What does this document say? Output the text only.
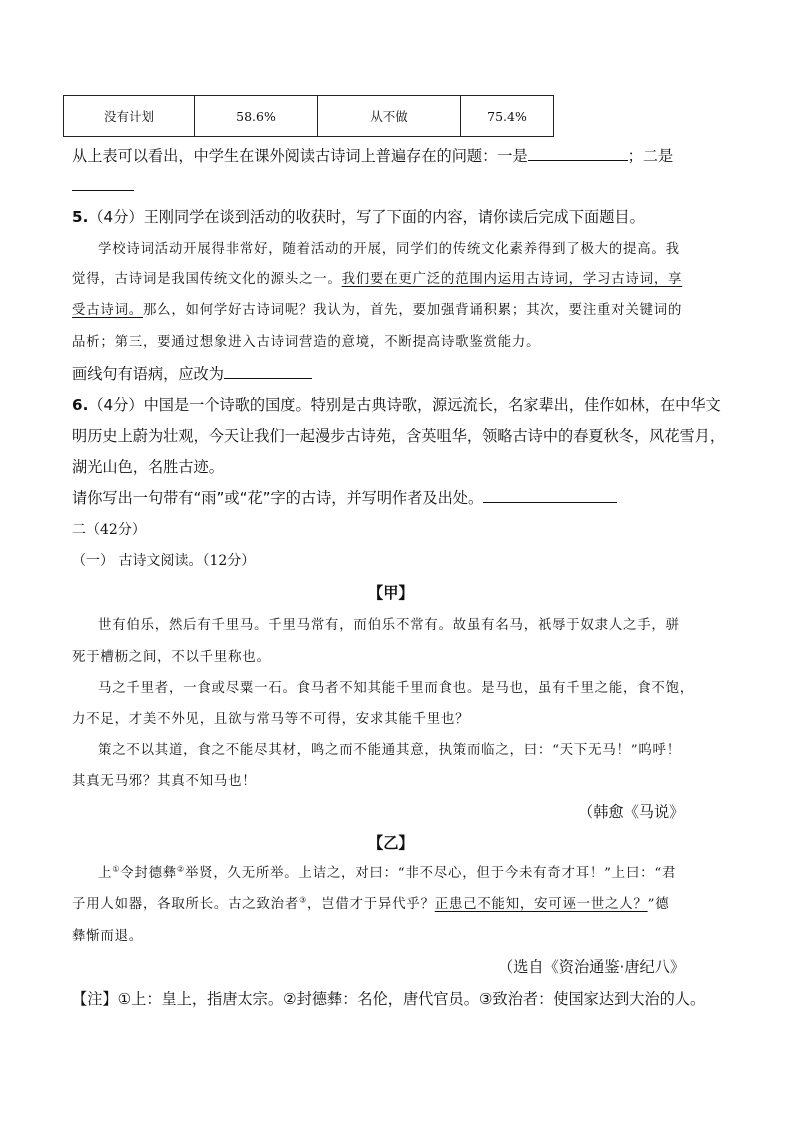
没有计划	58.6%	从不做	75.4%
从上表可以看出，中学生在课外阅读古诗词上普遍存在的问题：一是	；二是
5.（4分）王刚同学在谈到活动的收获时，写了下面的内容，请你读后完成下面题目。
学校诗词活动开展得非常好，随着活动的开展，同学们的传统文化素养得到了极大的提高。我
觉得，古诗词是我国传统文化的源头之一。我们要在更广泛的范围内运用古诗词，学习古诗词，享
受古诗词。那么，如何学好古诗词呢？我认为，首先，要加强背诵积累；其次，要注重对关键词的
品析；第三，要通过想象进入古诗词营造的意境，不断提高诗歌鉴赏能力。
画线句有语病，应改为
6.（4分）中国是一个诗歌的国度。特别是古典诗歌，源远流长，名家辈出，佳作如林，在中华文
明历史上蔚为壮观，今天让我们一起漫步古诗苑，含英咀华，领略古诗中的春夏秋冬，风花雪月，
湖光山色，名胜古迹。
请你写出一句带有“雨”或“花”字的古诗，并写明作者及出处。
二（42分）
（一） 古诗文阅读。（12分）
【甲】
世有伯乐，然后有千里马。千里马常有，而伯乐不常有。故虽有名马，祇辱于奴隶人之手，骈
死于槽枥之间，不以千里称也。
马之千里者，一食或尽粟一石。食马者不知其能千里而食也。是马也，虽有千里之能，食不饱，
力不足，才美不外见，且欲与常马等不可得，安求其能千里也？
策之不以其道，食之不能尽其材，鸣之而不能通其意，执策而临之，曰：“天下无马！”呜呼！
其真无马邪？其真不知马也！
（韩愈《马说》
【乙】
上①令封德彝②举贤，久无所举。上诘之，对曰：“非不尽心，但于今未有奇才耳！”上曰：“君
子用人如器，各取所长。古之致治者③，岂借才于异代乎？正患己不能知，安可诬一世之人？”德
彝惭而退。
（选自《资治通鉴·唐纪八》
【注】①上：皇上，指唐太宗。②封德彝：名伦，唐代官员。③致治者：使国家达到大治的人。
